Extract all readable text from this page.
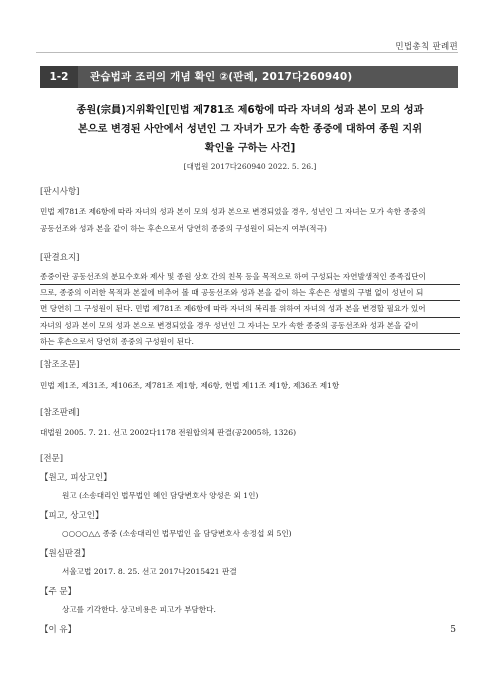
민법총칙 판례편
1-2	관습법과 조리의 개념 확인 ②(판례, 2017다260940)
종원(宗員)지위확인[민법 제781조 제6항에 따라 자녀의 성과 본이 모의 성과
본으로 변경된 사안에서 성년인 그 자녀가 모가 속한 종중에 대하여 종원 지위
확인을 구하는 사건]
[대법원 2017다260940 2022. 5. 26.]
[판시사항]
민법 제781조 제6항에 따라 자녀의 성과 본이 모의 성과 본으로 변경되었을 경우, 성년인 그 자녀는 모가 속한 종중의
공동선조와 성과 본을 같이 하는 후손으로서 당연히 종중의 구성원이 되는지 여부(적극)
[판결요지]
종중이란 공동선조의 분묘수호와 제사 및 종원 상호 간의 친목 등을 목적으로 하여 구성되는 자연발생적인 종족집단이
므로, 종중의 이러한 목적과 본질에 비추어 볼 때 공동선조와 성과 본을 같이 하는 후손은 성별의 구별 없이 성년이 되
면 당연히 그 구성원이 된다. 민법 제781조 제6항에 따라 자녀의 복리를 위하여 자녀의 성과 본을 변경할 필요가 있어
자녀의 성과 본이 모의 성과 본으로 변경되었을 경우 성년인 그 자녀는 모가 속한 종중의 공동선조와 성과 본을 같이
하는 후손으로서 당연히 종중의 구성원이 된다.
[참조조문]
민법 제1조, 제31조, 제106조, 제781조 제1항, 제6항, 헌법 제11조 제1항, 제36조 제1항
[참조판례]
대법원 2005. 7. 21. 선고 2002다1178 전원합의체 판결(공2005하, 1326)
[전문]
【원고, 피상고인】
원고 (소송대리인 법무법인 혜인 담당변호사 양성은 외 1인)
【피고, 상고인】
○○○○△△ 종중 (소송대리인 법무법인 을 담당변호사 송정섭 외 5인)
【원심판결】
서울고법 2017. 8. 25. 선고 2017나2015421 판결
【주 문】
상고를 기각한다. 상고비용은 피고가 부담한다.
【이 유】	5
